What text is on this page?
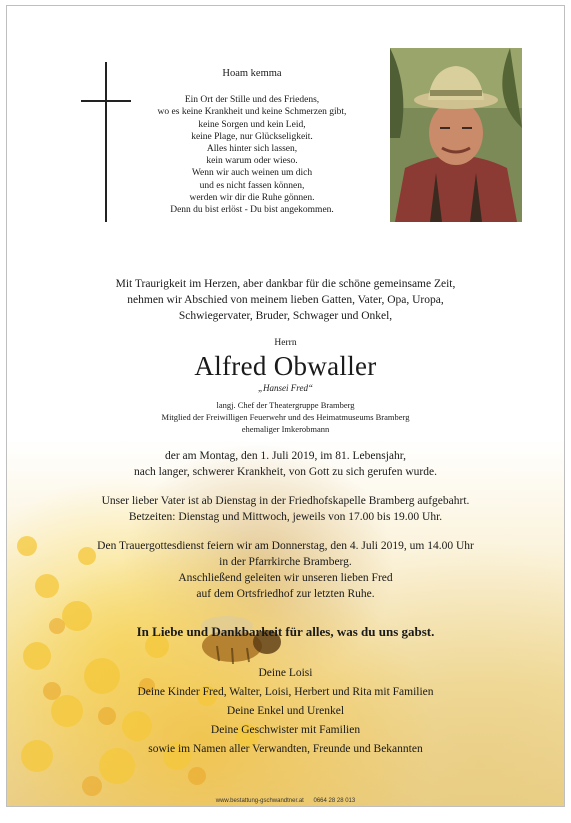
Hoam kemma
Ein Ort der Stille und des Friedens,
wo es keine Krankheit und keine Schmerzen gibt,
keine Sorgen und kein Leid,
keine Plage, nur Glückseligkeit.
Alles hinter sich lassen,
kein warum oder wieso.
Wenn wir auch weinen um dich
und es nicht fassen können,
werden wir dir die Ruhe gönnen.
Denn du bist erlöst - Du bist angekommen.
Mit Traurigkeit im Herzen, aber dankbar für die schöne gemeinsame Zeit,
nehmen wir Abschied von meinem lieben Gatten, Vater, Opa, Uropa,
Schwiegervater, Bruder, Schwager und Onkel,
Herrn
Alfred Obwaller
„Hansei Fred“
langj. Chef der Theatergruppe Bramberg
Mitglied der Freiwilligen Feuerwehr und des Heimatmuseums Bramberg
ehemaliger Imkerobmann
der am Montag, den 1. Juli 2019, im 81. Lebensjahr,
nach langer, schwerer Krankheit, von Gott zu sich gerufen wurde.
Unser lieber Vater ist ab Dienstag in der Friedhofskapelle Bramberg aufgebahrt.
Betzeiten: Dienstag und Mittwoch, jeweils von 17.00 bis 19.00 Uhr.
Den Trauergottesdienst feiern wir am Donnerstag, den 4. Juli 2019, um 14.00 Uhr
in der Pfarrkirche Bramberg.
Anschließend geleiten wir unseren lieben Fred
auf dem Ortsfriedhof zur letzten Ruhe.
In Liebe und Dankbarkeit für alles, was du uns gabst.
Deine Loisi
Deine Kinder Fred, Walter, Loisi, Herbert und Rita mit Familien
Deine Enkel und Urenkel
Deine Geschwister mit Familien
sowie im Namen aller Verwandten, Freunde und Bekannten
www.bestattung-gschwandtner.at 0664 28 28 013
